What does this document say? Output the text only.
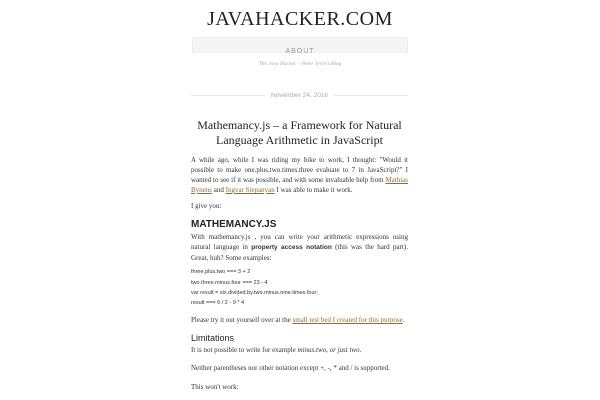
JAVAHACKER.COM
ABOUT
The Java Hacker – Peter Jerre's Blog
November 24, 2016
Mathemancy.js – a Framework for Natural Language Arithmetic in JavaScript

A while ago, while I was riding my bike to work, I thought: "Would it possible to make one.plus.two.times.three evaluate to 7 in JavaScript?" I wanted to see if it was possible, and with some invaluable help from Mathias Bynens and Ingvar Stepanyan I was able to make it work.

I give you:

MATHEMANCY.JS

With mathemancy.js , you can write your arithmetic expressions using natural language in property access notation (this was the hard part). Great, huh? Some examples:

three.plus.two === 3 + 2
two.three.minus.four === 23 - 4
var result = six.divided.by.two.minus.nine.times.four;
result === 6 / 2 - 9 * 4

Please try it out yourself over at the small test bed I created for this purpose.

Limitations

It is not possible to write for example minus.two, or just two.

Neither parentheses nor other notation except +, -, * and / is supported.

This won't work:
